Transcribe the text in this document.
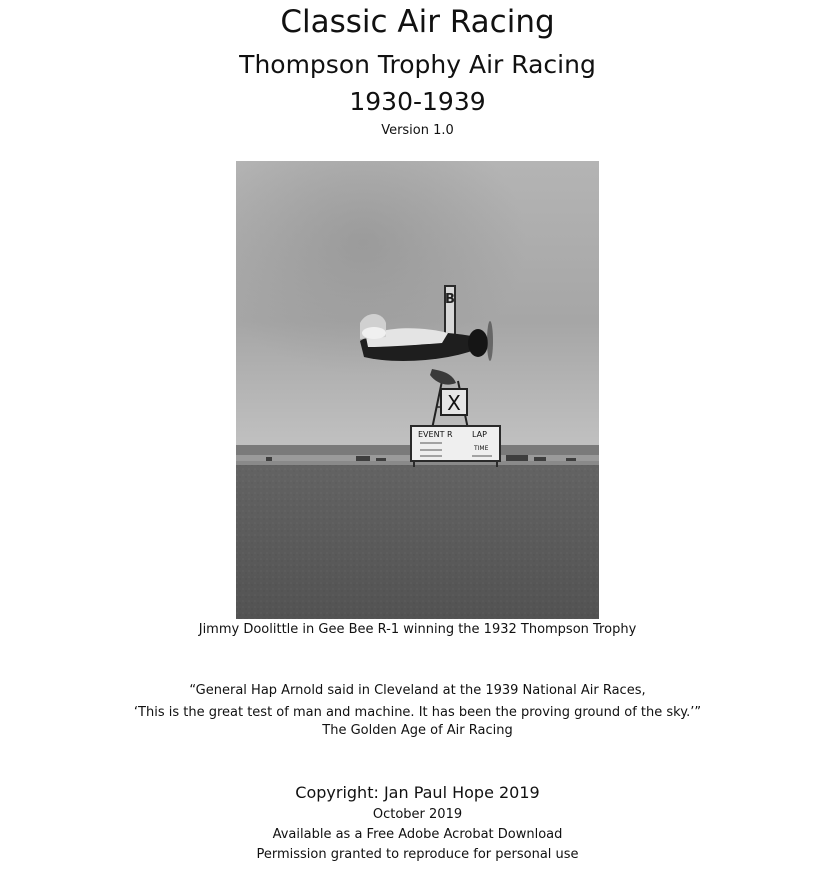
Classic Air Racing
Thompson Trophy Air Racing
1930-1939
Version 1.0
B
X
EVENT R LAP
TIME
Jimmy Doolittle in Gee Bee R-1 winning the 1932 Thompson Trophy
“General Hap Arnold said in Cleveland at the 1939 National Air Races,
‘This is the great test of man and machine. It has been the proving ground of the sky.’”
The Golden Age of Air Racing
Copyright: Jan Paul Hope 2019
October 2019
Available as a Free Adobe Acrobat Download
Permission granted to reproduce for personal use
